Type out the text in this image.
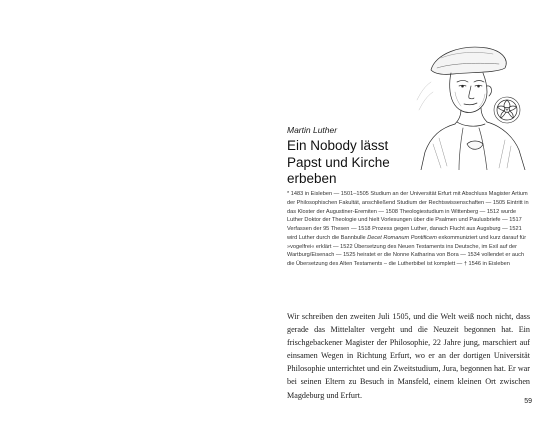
Martin Luther

Ein Nobody lässt Papst und Kirche erbeben

* 1483 in Eisleben — 1501–1505 Studium an der Universität Erfurt mit Abschluss Magister Artium der Philosophischen Fakultät, anschließend Studium der Rechtswissenschaften — 1505 Eintritt in das Kloster der Augustiner-Eremiten — 1508 Theologiestudium in Wittenberg — 1512 wurde Luther Doktor der Theologie und hielt Vorlesungen über die Psalmen und Paulusbriefe — 1517 Verfassen der 95 Thesen — 1518 Prozess gegen Luther, danach Flucht aus Augsburg — 1521 wird Luther durch die Bannbulle Decet Romanum Pontificem exkommuniziert und kurz darauf für »vogelfrei« erklärt — 1522 Übersetzung des Neuen Testaments ins Deutsche, im Exil auf der Wartburg/Eisenach — 1525 heiratet er die Nonne Katharina von Bora — 1534 vollendet er auch die Übersetzung des Alten Testaments – die Lutherbibel ist komplett — † 1546 in Eisleben

Wir schreiben den zweiten Juli 1505, und die Welt weiß noch nicht, dass gerade das Mittelalter vergeht und die Neuzeit begonnen hat. Ein frischgebackener Magister der Philosophie, 22 Jahre jung, marschiert auf einsamen Wegen in Richtung Erfurt, wo er an der dortigen Universität Philosophie unterrichtet und ein Zweitstudium, Jura, begonnen hat. Er war bei seinen Eltern zu Besuch in Mansfeld, einem kleinen Ort zwischen Magdeburg und Erfurt.

59
